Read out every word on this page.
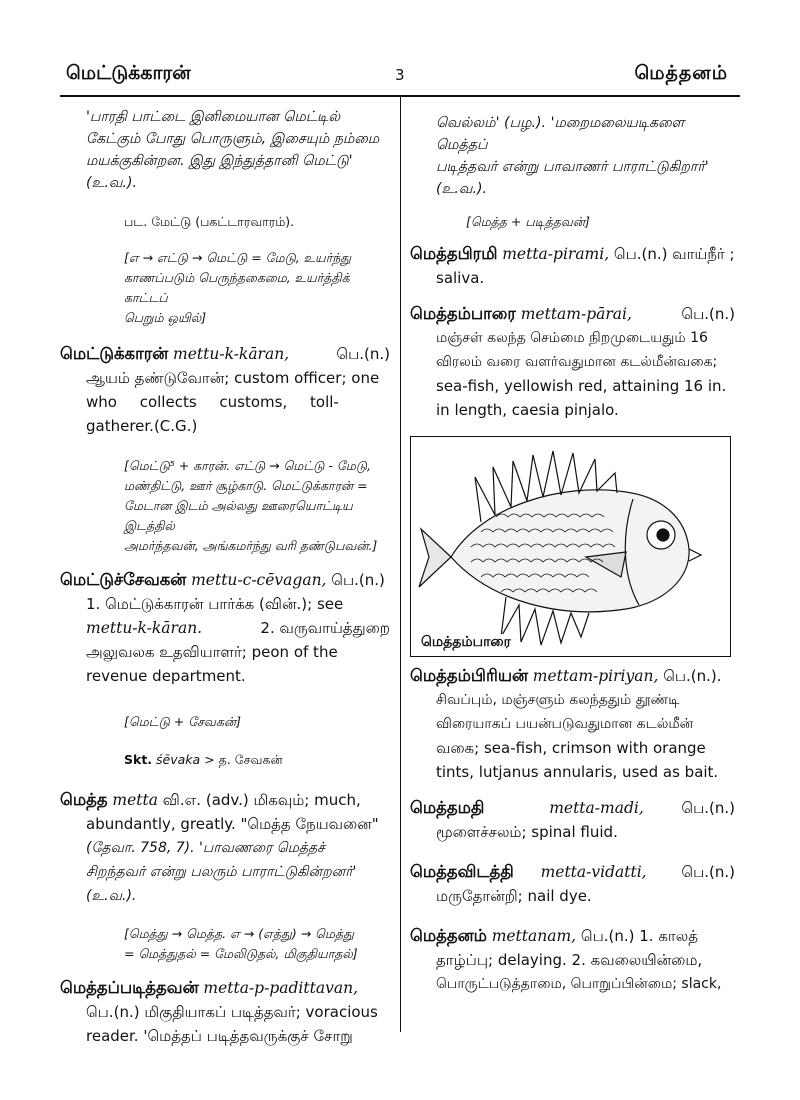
மெட்டுக்காரன்	3	மெத்தனம்
'பாரதி பாட்டை இனிமையான மெட்டில்
கேட்கும் போது பொருளும், இசையும் நம்மை
மயக்குகின்றன. இது இந்துத்தானி மெட்டு'
(உ.வ.).
பட. மேட்டு (பகட்டாரவாரம்).
[எ → எட்டு → மெட்டு = மேடு, உயர்ந்து
காணப்படும் பெருந்தகைமை, உயர்த்திக் காட்டப்
பெறும் ஒயில்]
மெட்டுக்காரன் mettu-k-kāran,	பெ.(n.)
ஆயம் தண்டுவோன்; custom officer; one
who collects customs, toll-
gatherer.(C.G.)
[மெட்டு⁵ + காரன். எட்டு → மெட்டு - மேடு,
மண்திட்டு, ஊர் சூழ்காடு. மெட்டுக்காரன் =
மேடான இடம் அல்லது ஊரையொட்டிய இடத்தில்
அமர்ந்தவன், அங்கமர்ந்து வரி தண்டுபவன்.]
மெட்டுச்சேவகன் mettu-c-cēvagan, பெ.(n.)
1. மெட்டுக்காரன் பார்க்க (வின்.); see
mettu-k-kāran.	2. வருவாய்த்துறை
அலுவலக உதவியாளர்; peon of the
revenue department.
[மெட்டு + சேவகன்]
Skt. śēvaka > த. சேவகன்
மெத்த metta வி.எ. (adv.) மிகவும்; much,
abundantly, greatly. "மெத்த நேயவனை"
(தேவா. 758, 7). 'பாவணரை மெத்தச்
சிறந்தவர் என்று பலரும் பாராட்டுகின்றனர்'
(உ.வ.).
[மெத்து → மெத்த. எ → (எத்து) → மெத்து
= மெத்துதல் = மேலிடுதல், மிகுதியாதல்]
மெத்தப்படித்தவன் metta-p-padittavan,
பெ.(n.) மிகுதியாகப் படித்தவர்; voracious
reader. 'மெத்தப் படித்தவருக்குச் சோறு
வெல்லம்' (பழ.). 'மறைமலையடிகளை மெத்தப்
படித்தவர் என்று பாவாணர் பாராட்டுகிறார்'
(உ.வ.).
[மெத்த + படித்தவன்]
மெத்தபிரமி metta-pirami, பெ.(n.) வாய்நீர் ;
saliva.
மெத்தம்பாரை mettam-pārai,	பெ.(n.)
மஞ்சள் கலந்த செம்மை நிறமுடையதும் 16
விரலம் வரை வளர்வதுமான கடல்மீன்வகை;
sea-fish, yellowish red, attaining 16 in.
in length, caesia pinjalo.
மெத்தம்பாரை
மெத்தம்பிரியன் mettam-piriyan, பெ.(n.).
சிவப்பும், மஞ்சளும் கலந்ததும் தூண்டி
விரையாகப் பயன்படுவதுமான கடல்மீன்
வகை; sea-fish, crimson with orange
tints, lutjanus annularis, used as bait.
மெத்தமதி	metta-madi,	பெ.(n.)
மூளைச்சலம்; spinal fluid.
மெத்தவிடத்தி metta-vidatti, பெ.(n.)
மருதோன்றி; nail dye.
மெத்தனம் mettanam, பெ.(n.) 1. காலத்
தாழ்ப்பு; delaying. 2. கவலையின்மை,
பொருட்படுத்தாமை, பொறுப்பின்மை; slack,
